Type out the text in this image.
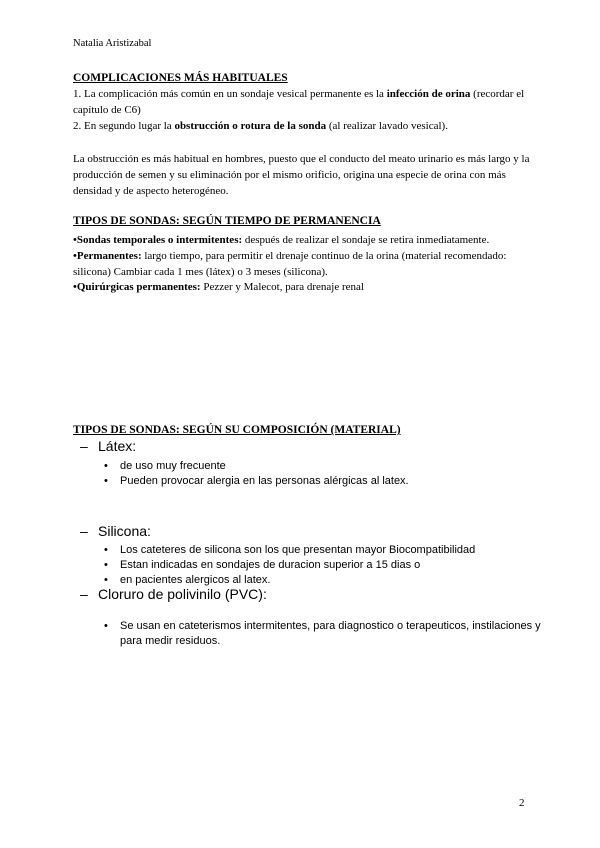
Natalia Aristizabal
COMPLICACIONES MÁS HABITUALES
1. La complicación más común en un sondaje vesical permanente es la infección de orina (recordar el capítulo de C6)
2. En segundo lugar la obstrucción o rotura de la sonda (al realizar lavado vesical).
La obstrucción es más habitual en hombres, puesto que el conducto del meato urinario es más largo y la producción de semen y su eliminación por el mismo orificio, origina una especie de orina con más densidad y de aspecto heterogéneo.
TIPOS DE SONDAS: SEGÚN TIEMPO DE PERMANENCIA
•Sondas temporales o intermitentes: después de realizar el sondaje se retira inmediatamente.
•Permanentes: largo tiempo, para permitir el drenaje continuo de la orina (material recomendado: silicona) Cambiar cada 1 mes (látex) o 3 meses (silicona).
•Quirúrgicas permanentes: Pezzer y Malecot, para drenaje renal
TIPOS DE SONDAS: SEGÚN SU COMPOSICIÓN (MATERIAL)
– Látex:
• de uso muy frecuente
• Pueden provocar alergia en las personas alérgicas al latex.
– Silicona:
• Los cateteres de silicona son los que presentan mayor Biocompatibilidad
• Estan indicadas en sondajes de duracion superior a 15 dias o
• en pacientes alergicos al latex.
– Cloruro de polivinilo (PVC):
• Se usan en cateterismos intermitentes, para diagnostico o terapeuticos, instilaciones y para medir residuos.
2
